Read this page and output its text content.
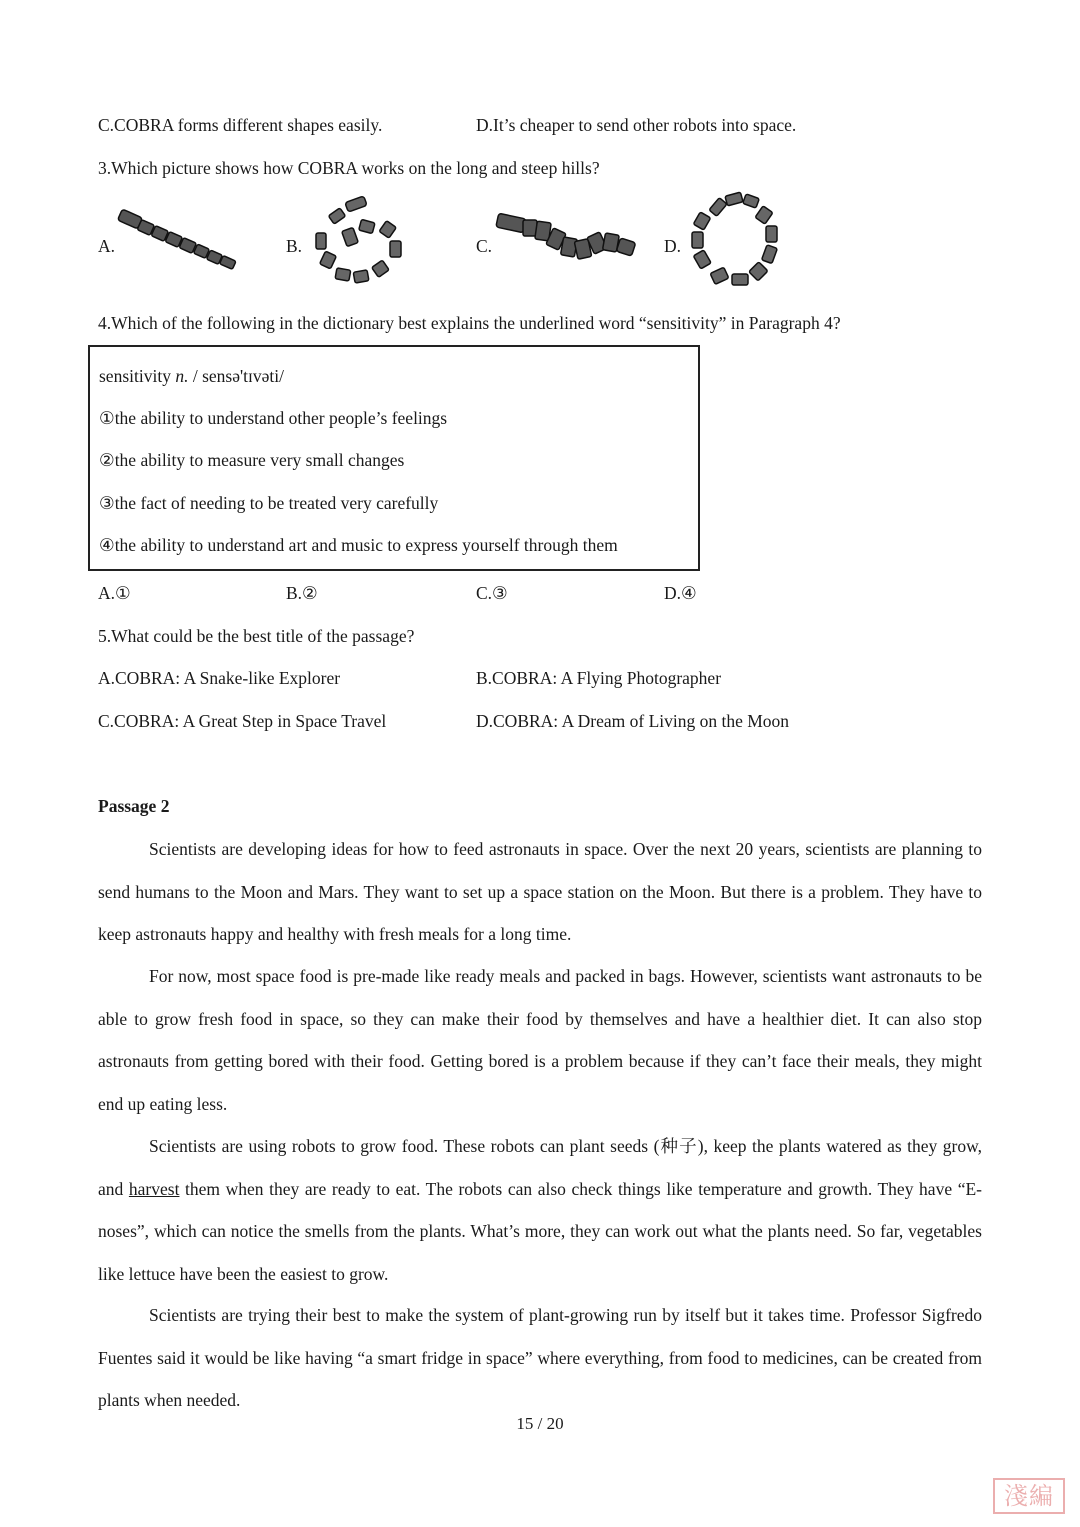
C.COBRA forms different shapes easily.	D.It’s cheaper to send other robots into space.
3.Which picture shows how COBRA works on the long and steep hills?
A.	B.	C.	D.
4.Which of the following in the dictionary best explains the underlined word “sensitivity” in Paragraph 4?
sensitivity n. / sensə'tɪvəti/
①the ability to understand other people’s feelings
②the ability to measure very small changes
③the fact of needing to be treated very carefully
④the ability to understand art and music to express yourself through them
A.①	B.②	C.③	D.④
5.What could be the best title of the passage?
A.COBRA: A Snake-like Explorer	B.COBRA: A Flying Photographer
C.COBRA: A Great Step in Space Travel	D.COBRA: A Dream of Living on the Moon
Passage 2

Scientists are developing ideas for how to feed astronauts in space. Over the next 20 years, scientists are planning to send humans to the Moon and Mars. They want to set up a space station on the Moon. But there is a problem. They have to keep astronauts happy and healthy with fresh meals for a long time.

For now, most space food is pre-made like ready meals and packed in bags. However, scientists want astronauts to be able to grow fresh food in space, so they can make their food by themselves and have a healthier diet. It can also stop astronauts from getting bored with their food. Getting bored is a problem because if they can’t face their meals, they might end up eating less.

Scientists are using robots to grow food. These robots can plant seeds (种子), keep the plants watered as they grow, and harvest them when they are ready to eat. The robots can also check things like temperature and growth. They have “E-noses”, which can notice the smells from the plants. What’s more, they can work out what the plants need. So far, vegetables like lettuce have been the easiest to grow.

Scientists are trying their best to make the system of plant-growing run by itself but it takes time. Professor Sigfredo Fuentes said it would be like having “a smart fridge in space” where everything, from food to medicines, can be created from plants when needed.

15 / 20
淺編
